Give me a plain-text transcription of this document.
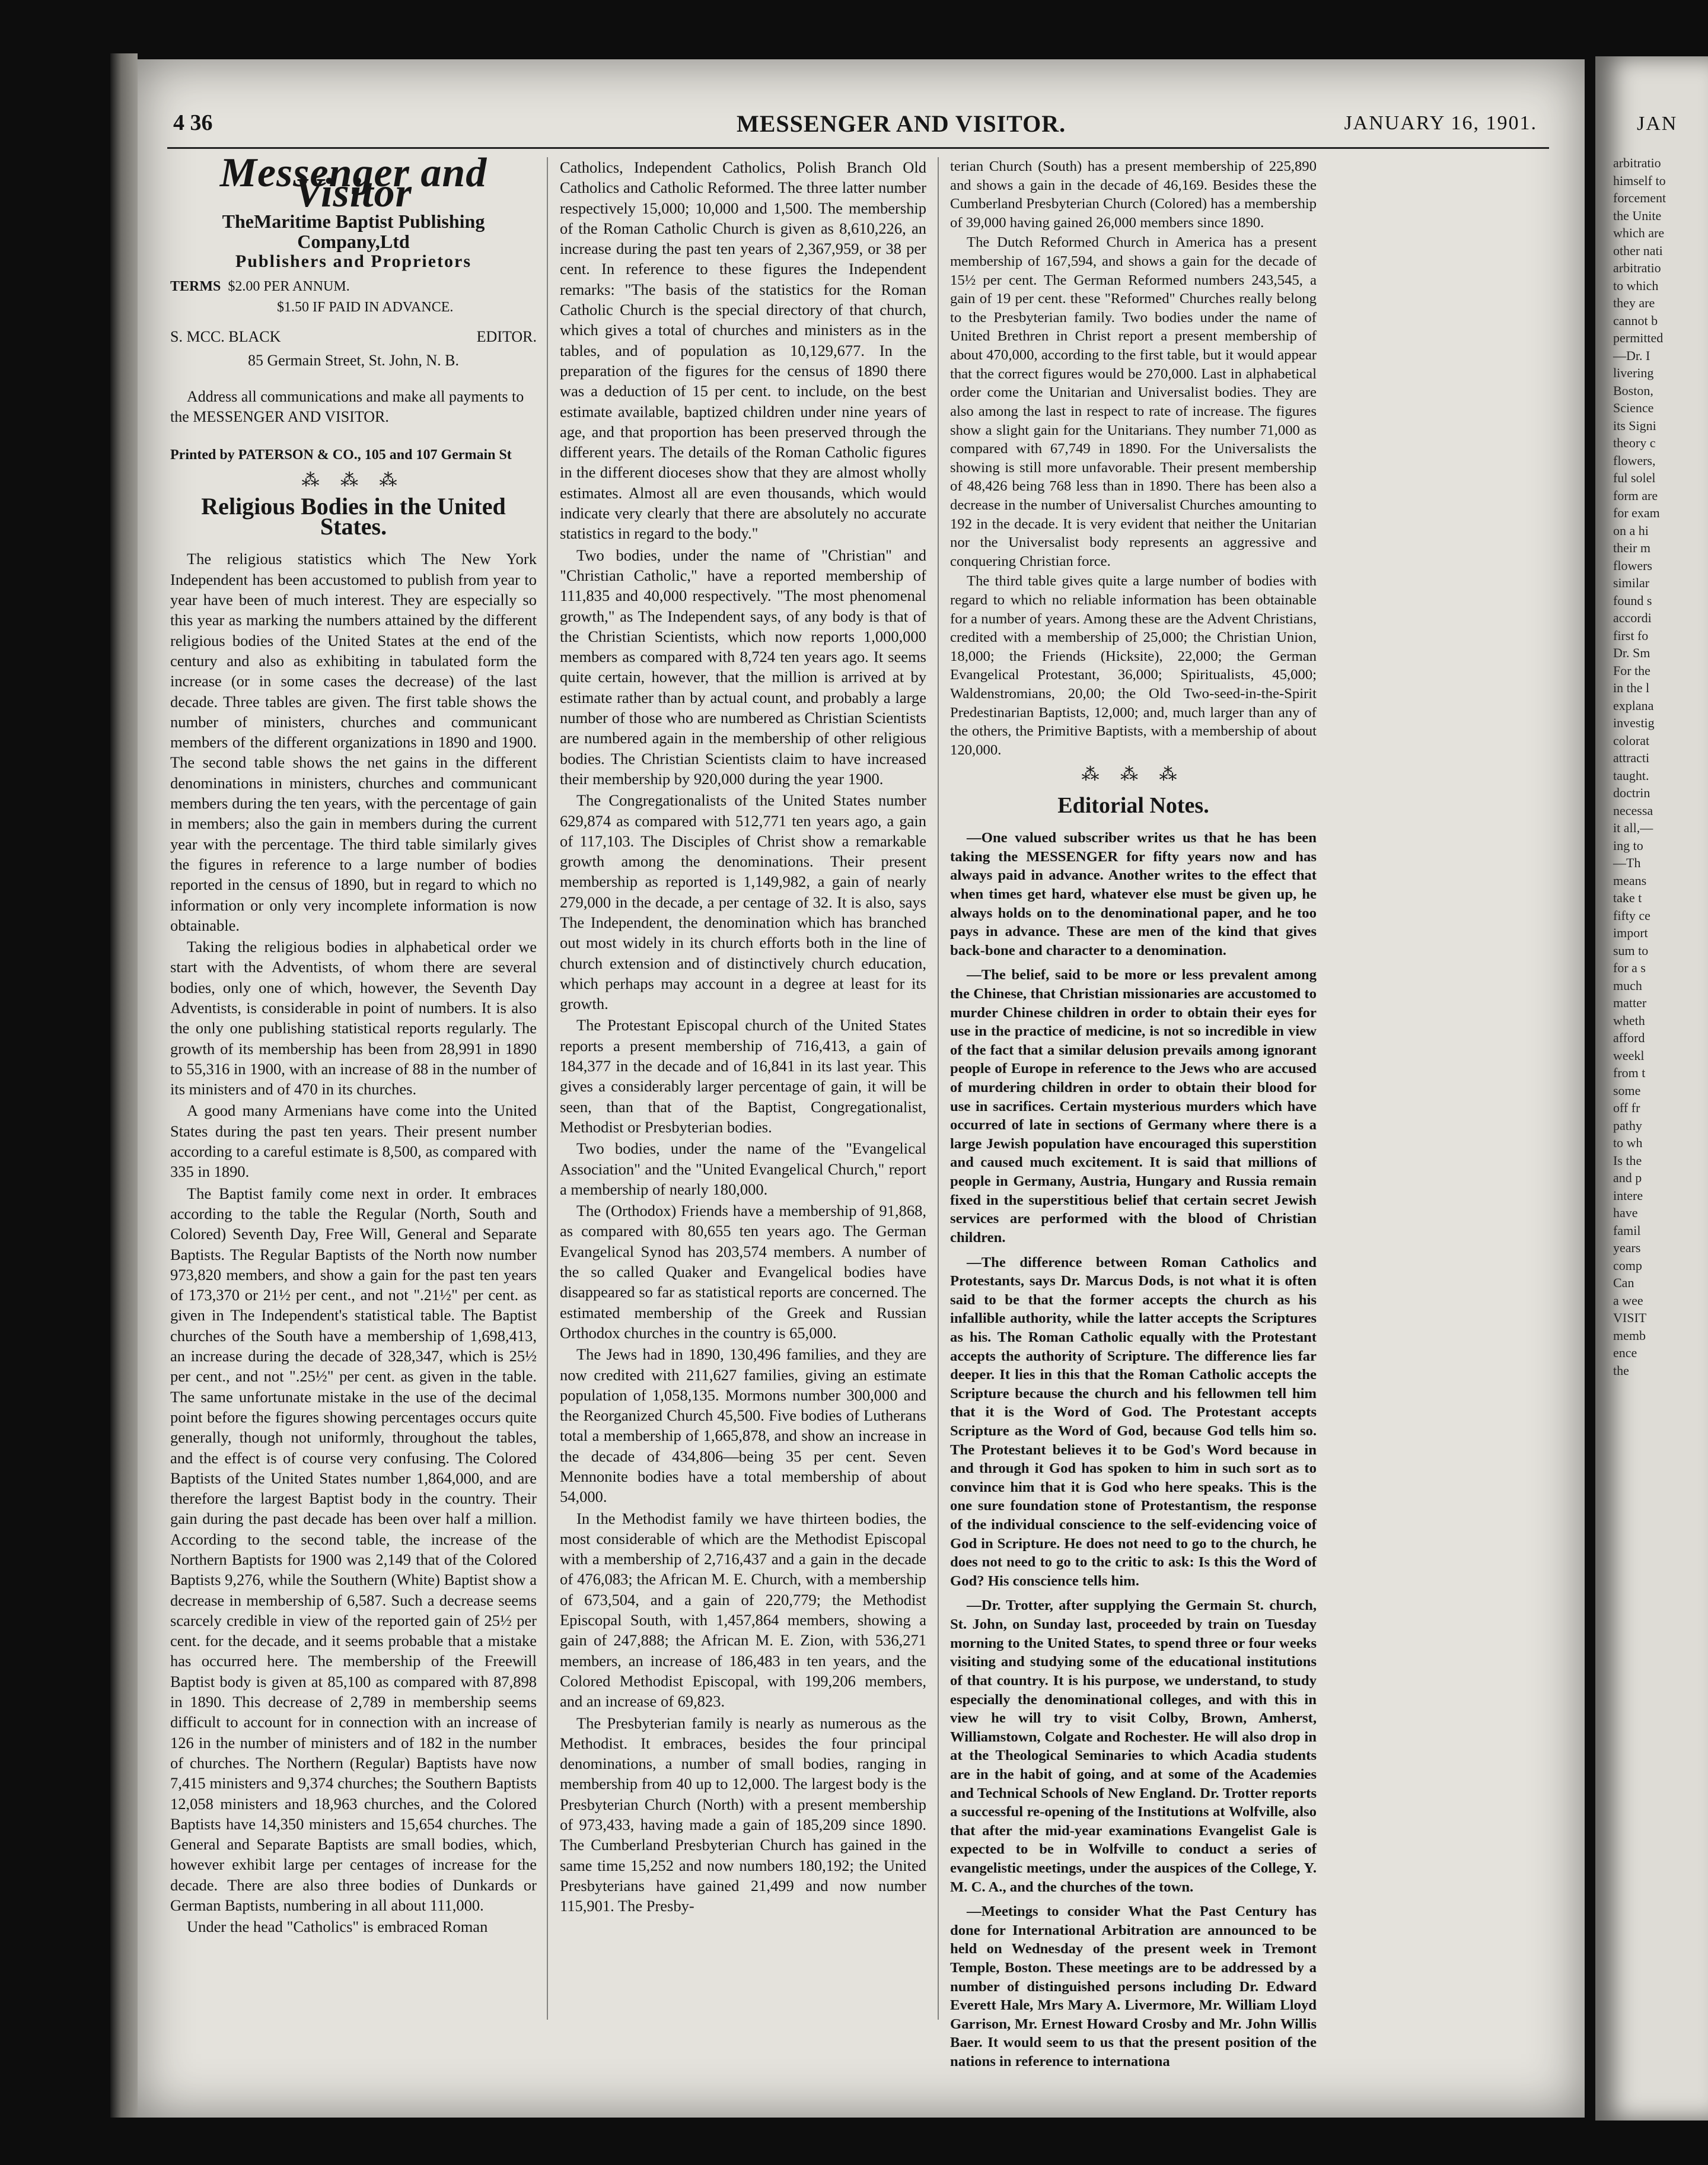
4 36	MESSENGER AND VISITOR.	JANUARY 16, 1901.
Messenger and Visitor
TheMaritime Baptist Publishing Company,Ltd
Publishers and Proprietors
TERMS $2.00 PER ANNUM.
$1.50 IF PAID IN ADVANCE.
S. MCC. BLACK	EDITOR.
85 Germain Street, St. John, N. B.
Address all communications and make all payments to the MESSENGER AND VISITOR.
Printed by PATERSON & CO., 105 and 107 Germain St
⁂ ⁂ ⁂
Religious Bodies in the United States.

The religious statistics which The New York Independent has been accustomed to publish from year to year have been of much interest. They are especially so this year as marking the numbers attained by the different religious bodies of the United States at the end of the century and also as exhibiting in tabulated form the increase (or in some cases the decrease) of the last decade. Three tables are given. The first table shows the number of ministers, churches and communicant members of the different organizations in 1890 and 1900. The second table shows the net gains in the different denominations in ministers, churches and communicant members during the ten years, with the percentage of gain in members; also the gain in members during the current year with the percentage. The third table similarly gives the figures in reference to a large number of bodies reported in the census of 1890, but in regard to which no information or only very incomplete information is now obtainable.

Taking the religious bodies in alphabetical order we start with the Adventists, of whom there are several bodies, only one of which, however, the Seventh Day Adventists, is considerable in point of numbers. It is also the only one publishing statistical reports regularly. The growth of its membership has been from 28,991 in 1890 to 55,316 in 1900, with an increase of 88 in the number of its ministers and of 470 in its churches.

A good many Armenians have come into the United States during the past ten years. Their present number according to a careful estimate is 8,500, as compared with 335 in 1890.

The Baptist family come next in order. It embraces according to the table the Regular (North, South and Colored) Seventh Day, Free Will, General and Separate Baptists. The Regular Baptists of the North now number 973,820 members, and show a gain for the past ten years of 173,370 or 21½ per cent., and not ".21½" per cent. as given in The Independent's statistical table. The Baptist churches of the South have a membership of 1,698,413, an increase during the decade of 328,347, which is 25½ per cent., and not ".25½" per cent. as given in the table. The same unfortunate mistake in the use of the decimal point before the figures showing percentages occurs quite generally, though not uniformly, throughout the tables, and the effect is of course very confusing. The Colored Baptists of the United States number 1,864,000, and are therefore the largest Baptist body in the country. Their gain during the past decade has been over half a million. According to the second table, the increase of the Northern Baptists for 1900 was 2,149 that of the Colored Baptists 9,276, while the Southern (White) Baptist show a decrease in membership of 6,587. Such a decrease seems scarcely credible in view of the reported gain of 25½ per cent. for the decade, and it seems probable that a mistake has occurred here. The membership of the Freewill Baptist body is given at 85,100 as compared with 87,898 in 1890. This decrease of 2,789 in membership seems difficult to account for in connection with an increase of 126 in the number of ministers and of 182 in the number of churches. The Northern (Regular) Baptists have now 7,415 ministers and 9,374 churches; the Southern Baptists 12,058 ministers and 18,963 churches, and the Colored Baptists have 14,350 ministers and 15,654 churches. The General and Separate Baptists are small bodies, which, however exhibit large per centages of increase for the decade. There are also three bodies of Dunkards or German Baptists, numbering in all about 111,000.

Under the head "Catholics" is embraced Roman

Catholics, Independent Catholics, Polish Branch Old Catholics and Catholic Reformed. The three latter number respectively 15,000; 10,000 and 1,500. The membership of the Roman Catholic Church is given as 8,610,226, an increase during the past ten years of 2,367,959, or 38 per cent. In reference to these figures the Independent remarks: "The basis of the statistics for the Roman Catholic Church is the special directory of that church, which gives a total of churches and ministers as in the tables, and of population as 10,129,677. In the preparation of the figures for the census of 1890 there was a deduction of 15 per cent. to include, on the best estimate available, baptized children under nine years of age, and that proportion has been preserved through the different years. The details of the Roman Catholic figures in the different dioceses show that they are almost wholly estimates. Almost all are even thousands, which would indicate very clearly that there are absolutely no accurate statistics in regard to the body."

Two bodies, under the name of "Christian" and "Christian Catholic," have a reported membership of 111,835 and 40,000 respectively. "The most phenomenal growth," as The Independent says, of any body is that of the Christian Scientists, which now reports 1,000,000 members as compared with 8,724 ten years ago. It seems quite certain, however, that the million is arrived at by estimate rather than by actual count, and probably a large number of those who are numbered as Christian Scientists are numbered again in the membership of other religious bodies. The Christian Scientists claim to have increased their membership by 920,000 during the year 1900.

The Congregationalists of the United States number 629,874 as compared with 512,771 ten years ago, a gain of 117,103. The Disciples of Christ show a remarkable growth among the denominations. Their present membership as reported is 1,149,982, a gain of nearly 279,000 in the decade, a per centage of 32. It is also, says The Independent, the denomination which has branched out most widely in its church efforts both in the line of church extension and of distinctively church education, which perhaps may account in a degree at least for its growth.

The Protestant Episcopal church of the United States reports a present membership of 716,413, a gain of 184,377 in the decade and of 16,841 in its last year. This gives a considerably larger percentage of gain, it will be seen, than that of the Baptist, Congregationalist, Methodist or Presbyterian bodies.

Two bodies, under the name of the "Evangelical Association" and the "United Evangelical Church," report a membership of nearly 180,000.

The (Orthodox) Friends have a membership of 91,868, as compared with 80,655 ten years ago. The German Evangelical Synod has 203,574 members. A number of the so called Quaker and Evangelical bodies have disappeared so far as statistical reports are concerned. The estimated membership of the Greek and Russian Orthodox churches in the country is 65,000.

The Jews had in 1890, 130,496 families, and they are now credited with 211,627 families, giving an estimate population of 1,058,135. Mormons number 300,000 and the Reorganized Church 45,500. Five bodies of Lutherans total a membership of 1,665,878, and show an increase in the decade of 434,806—being 35 per cent. Seven Mennonite bodies have a total membership of about 54,000.

In the Methodist family we have thirteen bodies, the most considerable of which are the Methodist Episcopal with a membership of 2,716,437 and a gain in the decade of 476,083; the African M. E. Church, with a membership of 673,504, and a gain of 220,779; the Methodist Episcopal South, with 1,457,864 members, showing a gain of 247,888; the African M. E. Zion, with 536,271 members, an increase of 186,483 in ten years, and the Colored Methodist Episcopal, with 199,206 members, and an increase of 69,823.

The Presbyterian family is nearly as numerous as the Methodist. It embraces, besides the four principal denominations, a number of small bodies, ranging in membership from 40 up to 12,000. The largest body is the Presbyterian Church (North) with a present membership of 973,433, having made a gain of 185,209 since 1890. The Cumberland Presbyterian Church has gained in the same time 15,252 and now numbers 180,192; the United Presbyterians have gained 21,499 and now number 115,901. The Presby-

terian Church (South) has a present membership of 225,890 and shows a gain in the decade of 46,169. Besides these the Cumberland Presbyterian Church (Colored) has a membership of 39,000 having gained 26,000 members since 1890.

The Dutch Reformed Church in America has a present membership of 167,594, and shows a gain for the decade of 15½ per cent. The German Reformed numbers 243,545, a gain of 19 per cent. these "Reformed" Churches really belong to the Presbyterian family. Two bodies under the name of United Brethren in Christ report a present membership of about 470,000, according to the first table, but it would appear that the correct figures would be 270,000. Last in alphabetical order come the Unitarian and Universalist bodies. They are also among the last in respect to rate of increase. The figures show a slight gain for the Unitarians. They number 71,000 as compared with 67,749 in 1890. For the Universalists the showing is still more unfavorable. Their present membership of 48,426 being 768 less than in 1890. There has been also a decrease in the number of Universalist Churches amounting to 192 in the decade. It is very evident that neither the Unitarian nor the Universalist body represents an aggressive and conquering Christian force.

The third table gives quite a large number of bodies with regard to which no reliable information has been obtainable for a number of years. Among these are the Advent Christians, credited with a membership of 25,000; the Christian Union, 18,000; the Friends (Hicksite), 22,000; the German Evangelical Protestant, 36,000; Spiritualists, 45,000; Waldenstromians, 20,00; the Old Two-seed-in-the-Spirit Predestinarian Baptists, 12,000; and, much larger than any of the others, the Primitive Baptists, with a membership of about 120,000.

⁂ ⁂ ⁂
Editorial Notes.

—One valued subscriber writes us that he has been taking the MESSENGER for fifty years now and has always paid in advance. Another writes to the effect that when times get hard, whatever else must be given up, he always holds on to the denominational paper, and he too pays in advance. These are men of the kind that gives back-bone and character to a denomination.

—The belief, said to be more or less prevalent among the Chinese, that Christian missionaries are accustomed to murder Chinese children in order to obtain their eyes for use in the practice of medicine, is not so incredible in view of the fact that a similar delusion prevails among ignorant people of Europe in reference to the Jews who are accused of murdering children in order to obtain their blood for use in sacrifices. Certain mysterious murders which have occurred of late in sections of Germany where there is a large Jewish population have encouraged this superstition and caused much excitement. It is said that millions of people in Germany, Austria, Hungary and Russia remain fixed in the superstitious belief that certain secret Jewish services are performed with the blood of Christian children.

—The difference between Roman Catholics and Protestants, says Dr. Marcus Dods, is not what it is often said to be that the former accepts the church as his infallible authority, while the latter accepts the Scriptures as his. The Roman Catholic equally with the Protestant accepts the authority of Scripture. The difference lies far deeper. It lies in this that the Roman Catholic accepts the Scripture because the church and his fellowmen tell him that it is the Word of God. The Protestant accepts Scripture as the Word of God, because God tells him so. The Protestant believes it to be God's Word because in and through it God has spoken to him in such sort as to convince him that it is God who here speaks. This is the one sure foundation stone of Protestantism, the response of the individual conscience to the self-evidencing voice of God in Scripture. He does not need to go to the church, he does not need to go to the critic to ask: Is this the Word of God? His conscience tells him.

—Dr. Trotter, after supplying the Germain St. church, St. John, on Sunday last, proceeded by train on Tuesday morning to the United States, to spend three or four weeks visiting and studying some of the educational institutions of that country. It is his purpose, we understand, to study especially the denominational colleges, and with this in view he will try to visit Colby, Brown, Amherst, Williamstown, Colgate and Rochester. He will also drop in at the Theological Seminaries to which Acadia students are in the habit of going, and at some of the Academies and Technical Schools of New England. Dr. Trotter reports a successful re-opening of the Institutions at Wolfville, also that after the mid-year examinations Evangelist Gale is expected to be in Wolfville to conduct a series of evangelistic meetings, under the auspices of the College, Y. M. C. A., and the churches of the town.

—Meetings to consider What the Past Century has done for International Arbitration are announced to be held on Wednesday of the present week in Tremont Temple, Boston. These meetings are to be addressed by a number of distinguished persons including Dr. Edward Everett Hale, Mrs Mary A. Livermore, Mr. William Lloyd Garrison, Mr. Ernest Howard Crosby and Mr. John Willis Baer. It would seem to us that the present position of the nations in reference to internationa

JAN

arbitratio

himself to

forcement

the Unite

which are

other nati

arbitratio

to which

they are

cannot b

permitted

—Dr. I

livering

Boston,

Science

its Signi

theory c

flowers,

ful solel

form are

for exam

on a hi

their m

flowers

similar

found s

accordi

first fo

Dr. Sm

For the

in the l

explana

investig

colorat

attracti

taught.

doctrin

necessa

it all,—

ing to

—Th

means

take t

fifty ce

import

sum to

for a s

much

matter

wheth

afford

weekl

from t

some

off fr

pathy

to wh

Is the

and p

intere

have

famil

years

comp

Can

a wee

VISIT

memb

ence

the
